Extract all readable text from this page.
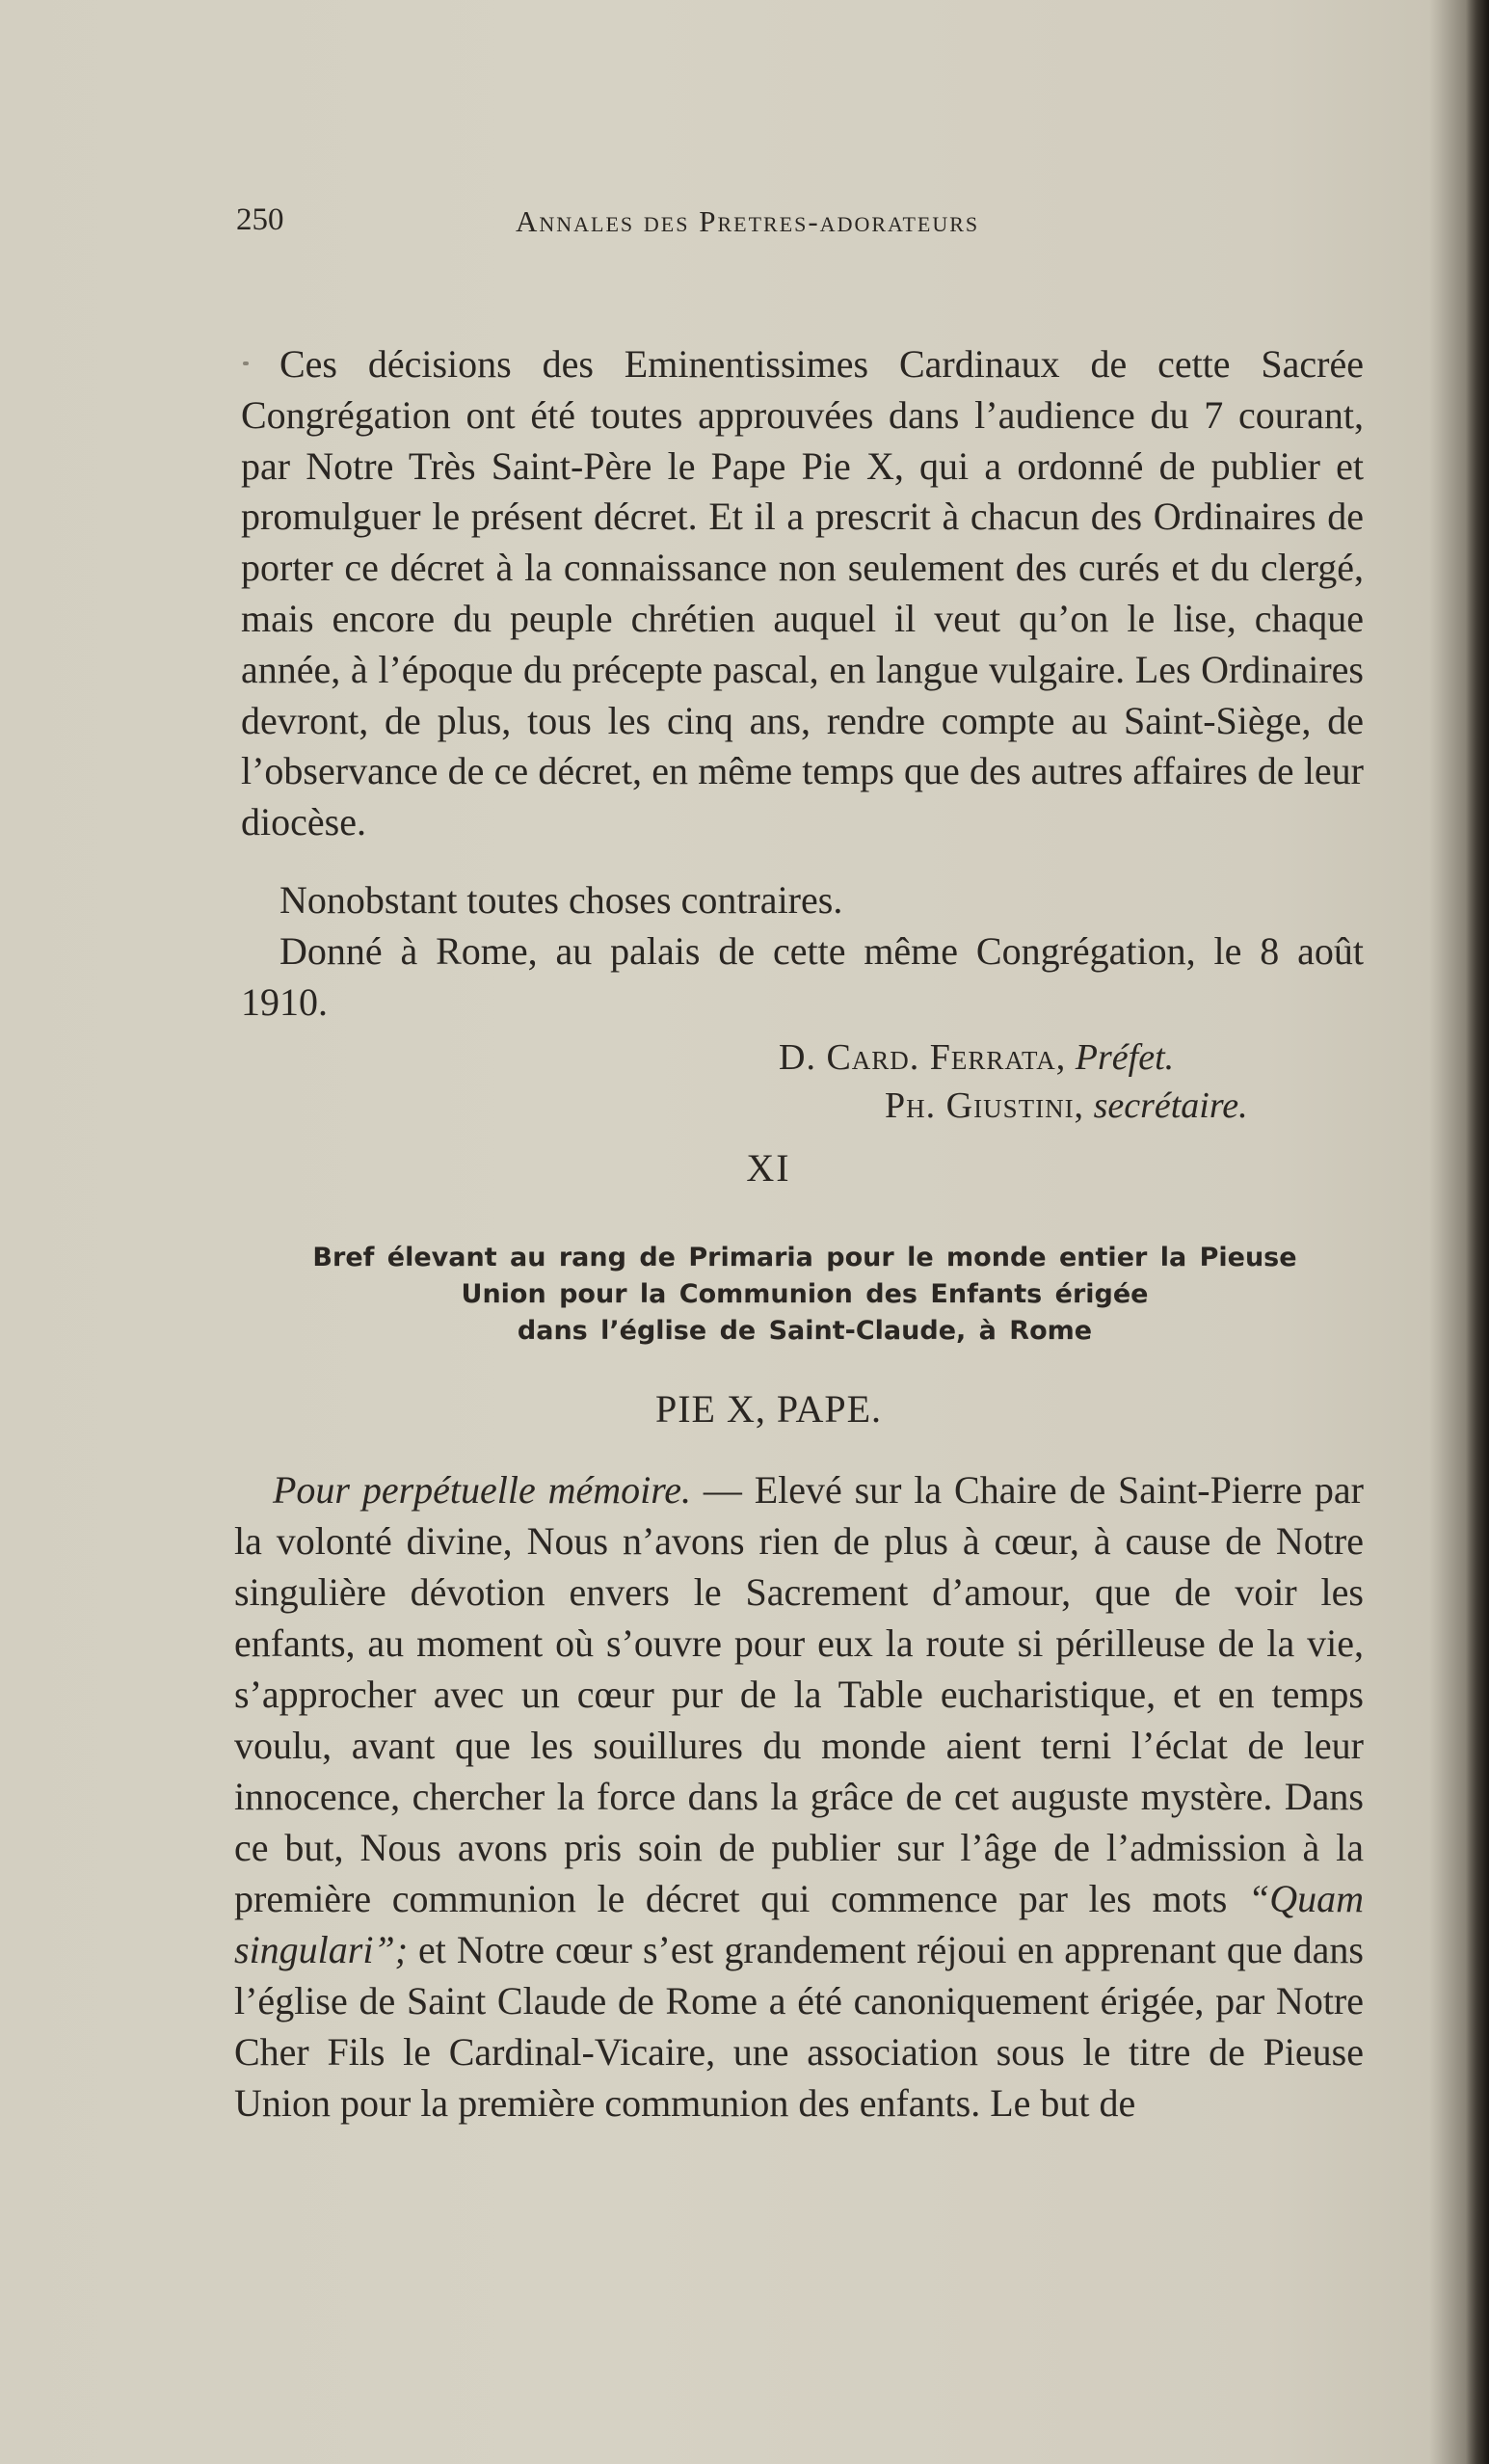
250	Annales des Pretres-adorateurs

Ces décisions des Eminentissimes Cardinaux de cette Sacrée Congrégation ont été toutes approuvées dans l’audience du 7 courant, par Notre Très Saint-Père le Pape Pie X, qui a ordonné de publier et promulguer le présent décret. Et il a prescrit à chacun des Ordinaires de porter ce décret à la connaissance non seulement des curés et du clergé, mais encore du peuple chrétien auquel il veut qu’on le lise, chaque année, à l’époque du précepte pascal, en langue vulgaire. Les Ordinaires devront, de plus, tous les cinq ans, rendre compte au Saint-Siège, de l’observance de ce décret, en même temps que des autres affaires de leur diocèse.

Nonobstant toutes choses contraires.

Donné à Rome, au palais de cette même Congrégation, le 8 août 1910.

D. Card. Ferrata, Préfet.
Ph. Giustini, secrétaire.
XI
Bref élevant au rang de Primaria pour le monde entier la Pieuse
Union pour la Communion des Enfants érigée
dans l’église de Saint-Claude, à Rome
PIE X, PAPE.

Pour perpétuelle mémoire. — Elevé sur la Chaire de Saint-Pierre par la volonté divine, Nous n’avons rien de plus à cœur, à cause de Notre singulière dévotion envers le Sacrement d’amour, que de voir les enfants, au moment où s’ouvre pour eux la route si périlleuse de la vie, s’approcher avec un cœur pur de la Table eucharistique, et en temps voulu, avant que les souillures du monde aient terni l’éclat de leur innocence, chercher la force dans la grâce de cet auguste mystère. Dans ce but, Nous avons pris soin de publier sur l’âge de l’admission à la première communion le décret qui commence par les mots “Quam singulari”; et Notre cœur s’est grandement réjoui en apprenant que dans l’église de Saint Claude de Rome a été canoniquement érigée, par Notre Cher Fils le Cardinal-Vicaire, une association sous le titre de Pieuse Union pour la première communion des enfants. Le but de
